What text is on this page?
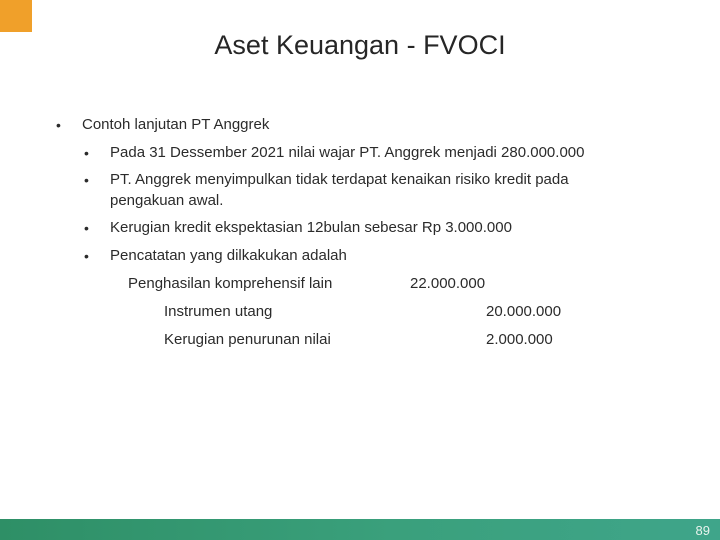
Aset Keuangan - FVOCI
• Contoh lanjutan PT Anggrek
• Pada 31 Dessember 2021 nilai wajar PT. Anggrek menjadi 280.000.000
• PT. Anggrek menyimpulkan tidak terdapat kenaikan risiko kredit pada
pengakuan awal.
• Kerugian kredit ekspektasian 12bulan sebesar Rp 3.000.000
• Pencatatan yang dilkakukan adalah
Penghasilan komprehensif lain	22.000.000
Instrumen utang	20.000.000
Kerugian penurunan nilai	2.000.000
89
